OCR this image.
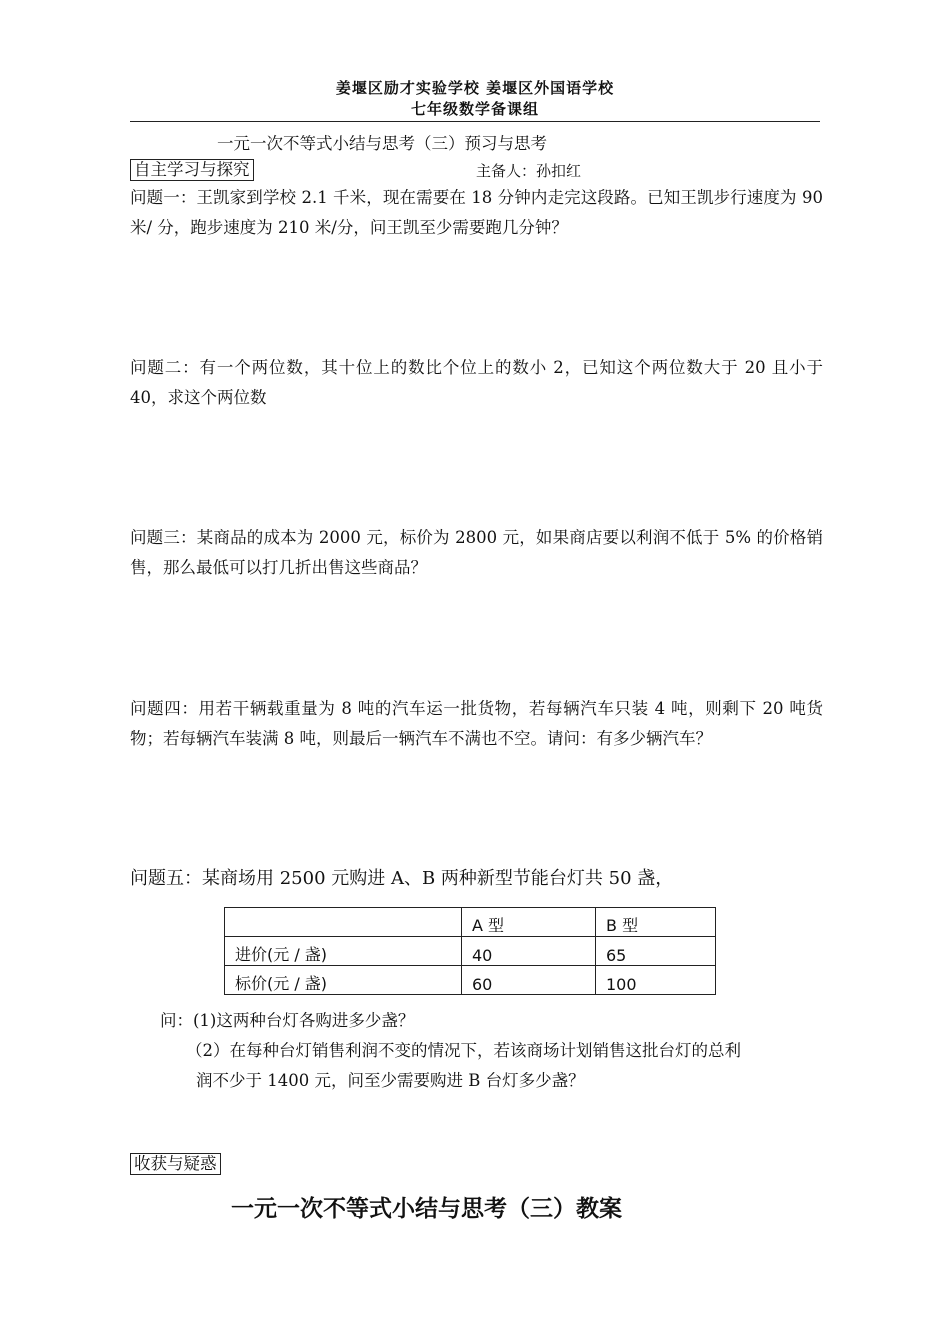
姜堰区励才实验学校 姜堰区外国语学校
七年级数学备课组
一元一次不等式小结与思考（三）预习与思考
自主学习与探究	主备人：孙扣红
问题一：王凯家到学校 2.1 千米，现在需要在 18 分钟内走完这段路。已知王凯步行速度为 90 米/ 分，跑步速度为 210 米/分，问王凯至少需要跑几分钟？
问题二：有一个两位数，其十位上的数比个位上的数小 2，已知这个两位数大于 20 且小于 40，求这个两位数
问题三：某商品的成本为 2000 元，标价为 2800 元，如果商店要以利润不低于 5% 的价格销售，那么最低可以打几折出售这些商品？
问题四：用若干辆载重量为 8 吨的汽车运一批货物，若每辆汽车只装 4 吨，则剩下 20 吨货物；若每辆汽车装满 8 吨，则最后一辆汽车不满也不空。请问：有多少辆汽车？
问题五：某商场用 2500 元购进 A、B 两种新型节能台灯共 50 盏，
	A 型	B 型
进价(元 / 盏)	40	65
标价(元 / 盏)	60	100
问：(1)这两种台灯各购进多少盏？
（2）在每种台灯销售利润不变的情况下，若该商场计划销售这批台灯的总利
润不少于 1400 元，问至少需要购进 B 台灯多少盏？
收获与疑惑
一元一次不等式小结与思考（三）教案
